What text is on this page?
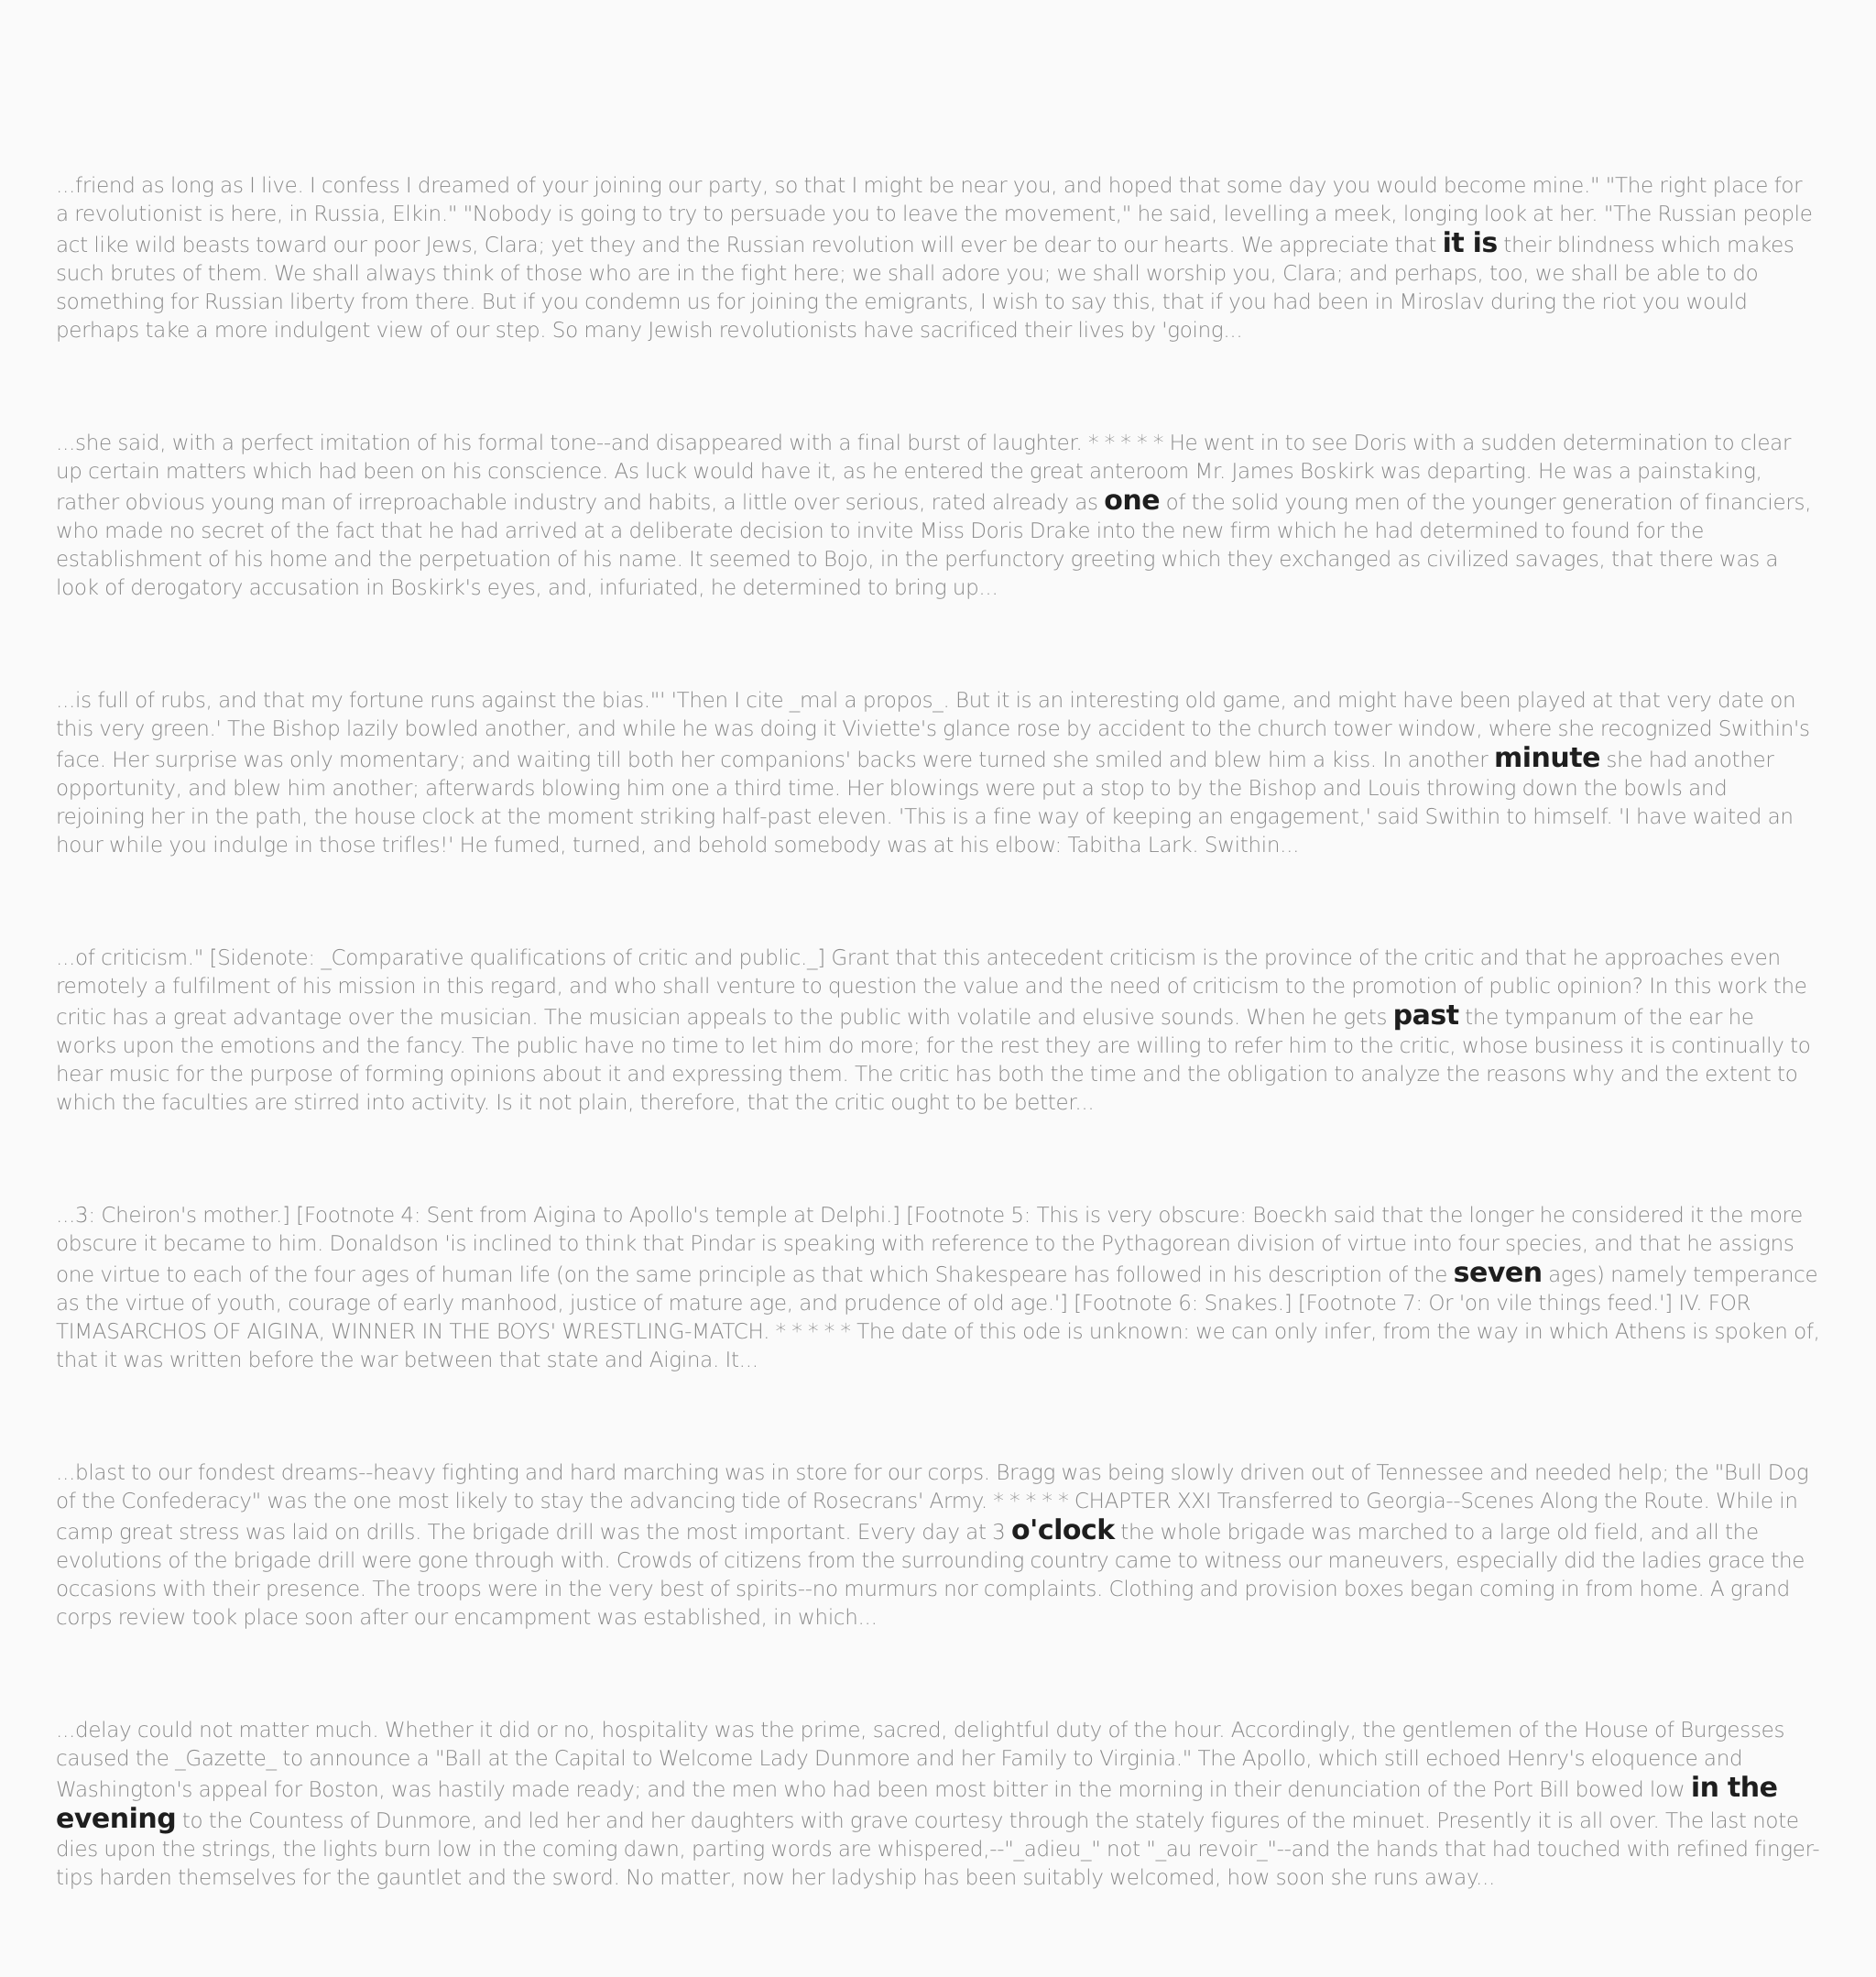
...friend as long as I live. I confess I dreamed of your joining our party, so that I might be near you, and hoped that some day you would become mine." "The right place for a revolutionist is here, in Russia, Elkin." "Nobody is going to try to persuade you to leave the movement," he said, levelling a meek, longing look at her. "The Russian people act like wild beasts toward our poor Jews, Clara; yet they and the Russian revolution will ever be dear to our hearts. We appreciate that it is their blindness which makes such brutes of them. We shall always think of those who are in the fight here; we shall adore you; we shall worship you, Clara; and perhaps, too, we shall be able to do something for Russian liberty from there. But if you condemn us for joining the emigrants, I wish to say this, that if you had been in Miroslav during the riot you would perhaps take a more indulgent view of our step. So many Jewish revolutionists have sacrificed their lives by 'going...

...she said, with a perfect imitation of his formal tone--and disappeared with a final burst of laughter. * * * * * He went in to see Doris with a sudden determination to clear up certain matters which had been on his conscience. As luck would have it, as he entered the great anteroom Mr. James Boskirk was departing. He was a painstaking, rather obvious young man of irreproachable industry and habits, a little over serious, rated already as one of the solid young men of the younger generation of financiers, who made no secret of the fact that he had arrived at a deliberate decision to invite Miss Doris Drake into the new firm which he had determined to found for the establishment of his home and the perpetuation of his name. It seemed to Bojo, in the perfunctory greeting which they exchanged as civilized savages, that there was a look of derogatory accusation in Boskirk's eyes, and, infuriated, he determined to bring up...

...is full of rubs, and that my fortune runs against the bias."' 'Then I cite _mal a propos_. But it is an interesting old game, and might have been played at that very date on this very green.' The Bishop lazily bowled another, and while he was doing it Viviette's glance rose by accident to the church tower window, where she recognized Swithin's face. Her surprise was only momentary; and waiting till both her companions' backs were turned she smiled and blew him a kiss. In another minute she had another opportunity, and blew him another; afterwards blowing him one a third time. Her blowings were put a stop to by the Bishop and Louis throwing down the bowls and rejoining her in the path, the house clock at the moment striking half-past eleven. 'This is a fine way of keeping an engagement,' said Swithin to himself. 'I have waited an hour while you indulge in those trifles!' He fumed, turned, and behold somebody was at his elbow: Tabitha Lark. Swithin...

...of criticism." [Sidenote: _Comparative qualifications of critic and public._] Grant that this antecedent criticism is the province of the critic and that he approaches even remotely a fulfilment of his mission in this regard, and who shall venture to question the value and the need of criticism to the promotion of public opinion? In this work the critic has a great advantage over the musician. The musician appeals to the public with volatile and elusive sounds. When he gets past the tympanum of the ear he works upon the emotions and the fancy. The public have no time to let him do more; for the rest they are willing to refer him to the critic, whose business it is continually to hear music for the purpose of forming opinions about it and expressing them. The critic has both the time and the obligation to analyze the reasons why and the extent to which the faculties are stirred into activity. Is it not plain, therefore, that the critic ought to be better...

...3: Cheiron's mother.] [Footnote 4: Sent from Aigina to Apollo's temple at Delphi.] [Footnote 5: This is very obscure: Boeckh said that the longer he considered it the more obscure it became to him. Donaldson 'is inclined to think that Pindar is speaking with reference to the Pythagorean division of virtue into four species, and that he assigns one virtue to each of the four ages of human life (on the same principle as that which Shakespeare has followed in his description of the seven ages) namely temperance as the virtue of youth, courage of early manhood, justice of mature age, and prudence of old age.'] [Footnote 6: Snakes.] [Footnote 7: Or 'on vile things feed.'] IV. FOR TIMASARCHOS OF AIGINA, WINNER IN THE BOYS' WRESTLING-MATCH. * * * * * The date of this ode is unknown: we can only infer, from the way in which Athens is spoken of, that it was written before the war between that state and Aigina. It...

...blast to our fondest dreams--heavy fighting and hard marching was in store for our corps. Bragg was being slowly driven out of Tennessee and needed help; the "Bull Dog of the Confederacy" was the one most likely to stay the advancing tide of Rosecrans' Army. * * * * * CHAPTER XXI Transferred to Georgia--Scenes Along the Route. While in camp great stress was laid on drills. The brigade drill was the most important. Every day at 3 o'clock the whole brigade was marched to a large old field, and all the evolutions of the brigade drill were gone through with. Crowds of citizens from the surrounding country came to witness our maneuvers, especially did the ladies grace the occasions with their presence. The troops were in the very best of spirits--no murmurs nor complaints. Clothing and provision boxes began coming in from home. A grand corps review took place soon after our encampment was established, in which...

...delay could not matter much. Whether it did or no, hospitality was the prime, sacred, delightful duty of the hour. Accordingly, the gentlemen of the House of Burgesses caused the _Gazette_ to announce a "Ball at the Capital to Welcome Lady Dunmore and her Family to Virginia." The Apollo, which still echoed Henry's eloquence and Washington's appeal for Boston, was hastily made ready; and the men who had been most bitter in the morning in their denunciation of the Port Bill bowed low in the evening to the Countess of Dunmore, and led her and her daughters with grave courtesy through the stately figures of the minuet. Presently it is all over. The last note dies upon the strings, the lights burn low in the coming dawn, parting words are whispered,--"_adieu_" not "_au revoir_"--and the hands that had touched with refined finger-tips harden themselves for the gauntlet and the sword. No matter, now her ladyship has been suitably welcomed, how soon she runs away...
